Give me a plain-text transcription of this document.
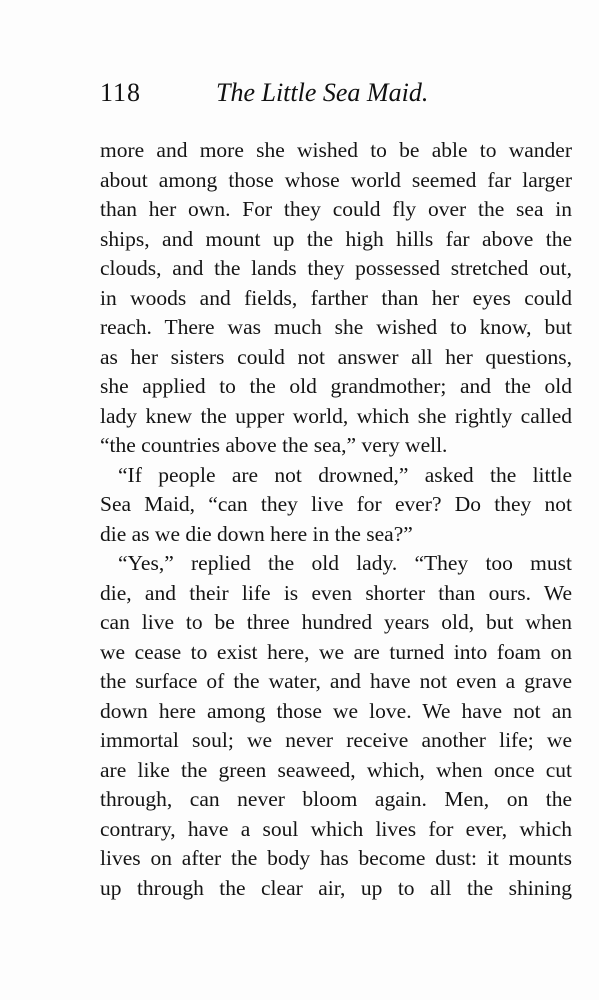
118	The Little Sea Maid.
more and more she wished to be able to wander
about among those whose world seemed far larger
than her own. For they could fly over the sea in
ships, and mount up the high hills far above the
clouds, and the lands they possessed stretched out,
in woods and fields, farther than her eyes could
reach. There was much she wished to know, but
as her sisters could not answer all her questions,
she applied to the old grandmother; and the old
lady knew the upper world, which she rightly called
“the countries above the sea,” very well.
“If people are not drowned,” asked the little
Sea Maid, “can they live for ever? Do they not
die as we die down here in the sea?”
“Yes,” replied the old lady. “They too must
die, and their life is even shorter than ours. We
can live to be three hundred years old, but when
we cease to exist here, we are turned into foam on
the surface of the water, and have not even a grave
down here among those we love. We have not an
immortal soul; we never receive another life; we
are like the green seaweed, which, when once cut
through, can never bloom again. Men, on the
contrary, have a soul which lives for ever, which
lives on after the body has become dust: it mounts
up through the clear air, up to all the shining
